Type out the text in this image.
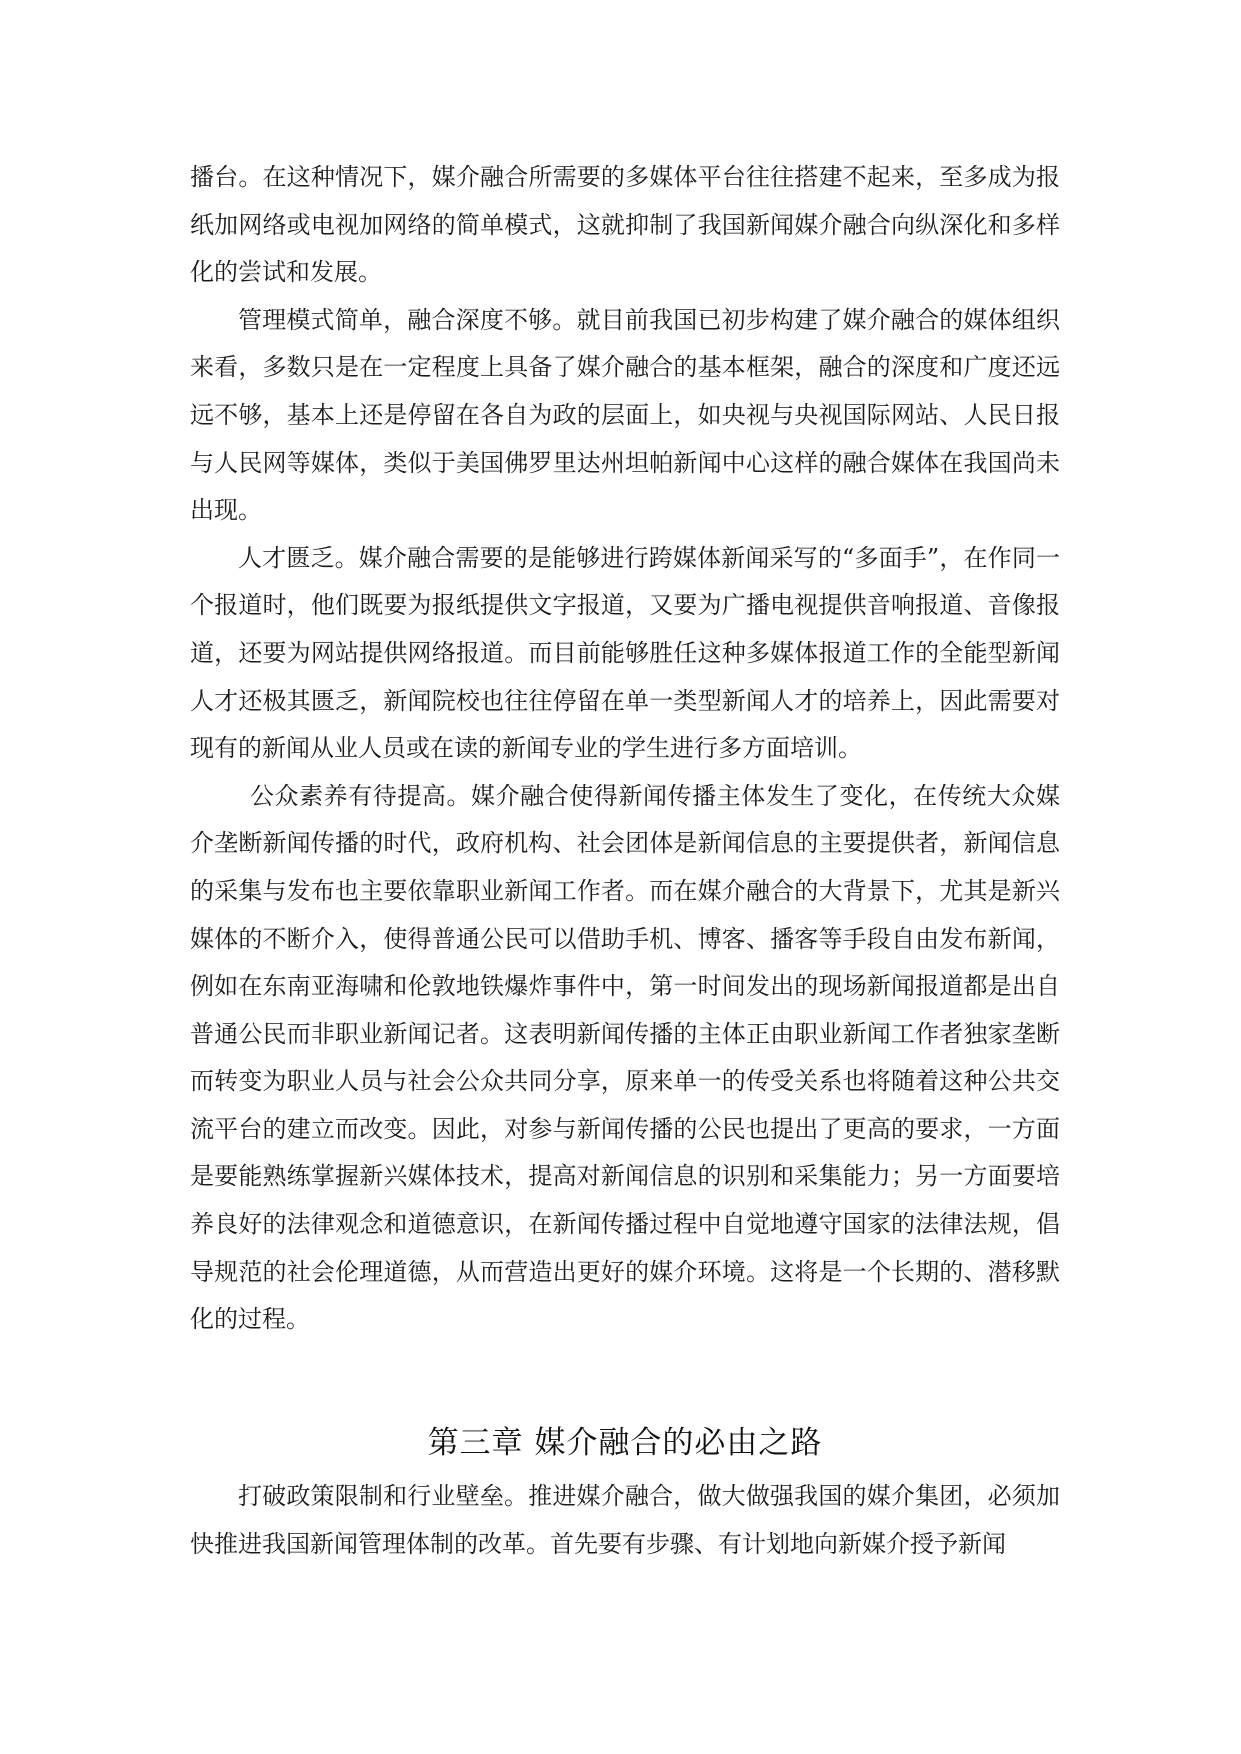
播台。在这种情况下，媒介融合所需要的多媒体平台往往搭建不起来，至多成为报纸加网络或电视加网络的简单模式，这就抑制了我国新闻媒介融合向纵深化和多样化的尝试和发展。

管理模式简单，融合深度不够。就目前我国已初步构建了媒介融合的媒体组织来看，多数只是在一定程度上具备了媒介融合的基本框架，融合的深度和广度还远远不够，基本上还是停留在各自为政的层面上，如央视与央视国际网站、人民日报与人民网等媒体，类似于美国佛罗里达州坦帕新闻中心这样的融合媒体在我国尚未出现。

人才匮乏。媒介融合需要的是能够进行跨媒体新闻采写的“多面手”，在作同一个报道时，他们既要为报纸提供文字报道，又要为广播电视提供音响报道、音像报道，还要为网站提供网络报道。而目前能够胜任这种多媒体报道工作的全能型新闻人才还极其匮乏，新闻院校也往往停留在单一类型新闻人才的培养上，因此需要对现有的新闻从业人员或在读的新闻专业的学生进行多方面培训。

公众素养有待提高。媒介融合使得新闻传播主体发生了变化，在传统大众媒介垄断新闻传播的时代，政府机构、社会团体是新闻信息的主要提供者，新闻信息的采集与发布也主要依靠职业新闻工作者。而在媒介融合的大背景下，尤其是新兴媒体的不断介入，使得普通公民可以借助手机、博客、播客等手段自由发布新闻，例如在东南亚海啸和伦敦地铁爆炸事件中，第一时间发出的现场新闻报道都是出自普通公民而非职业新闻记者。这表明新闻传播的主体正由职业新闻工作者独家垄断而转变为职业人员与社会公众共同分享，原来单一的传受关系也将随着这种公共交流平台的建立而改变。因此，对参与新闻传播的公民也提出了更高的要求，一方面是要能熟练掌握新兴媒体技术，提高对新闻信息的识别和采集能力；另一方面要培养良好的法律观念和道德意识，在新闻传播过程中自觉地遵守国家的法律法规，倡导规范的社会伦理道德，从而营造出更好的媒介环境。这将是一个长期的、潜移默化的过程。

第三章 媒介融合的必由之路

打破政策限制和行业壁垒。推进媒介融合，做大做强我国的媒介集团，必须加快推进我国新闻管理体制的改革。首先要有步骤、有计划地向新媒介授予新闻
